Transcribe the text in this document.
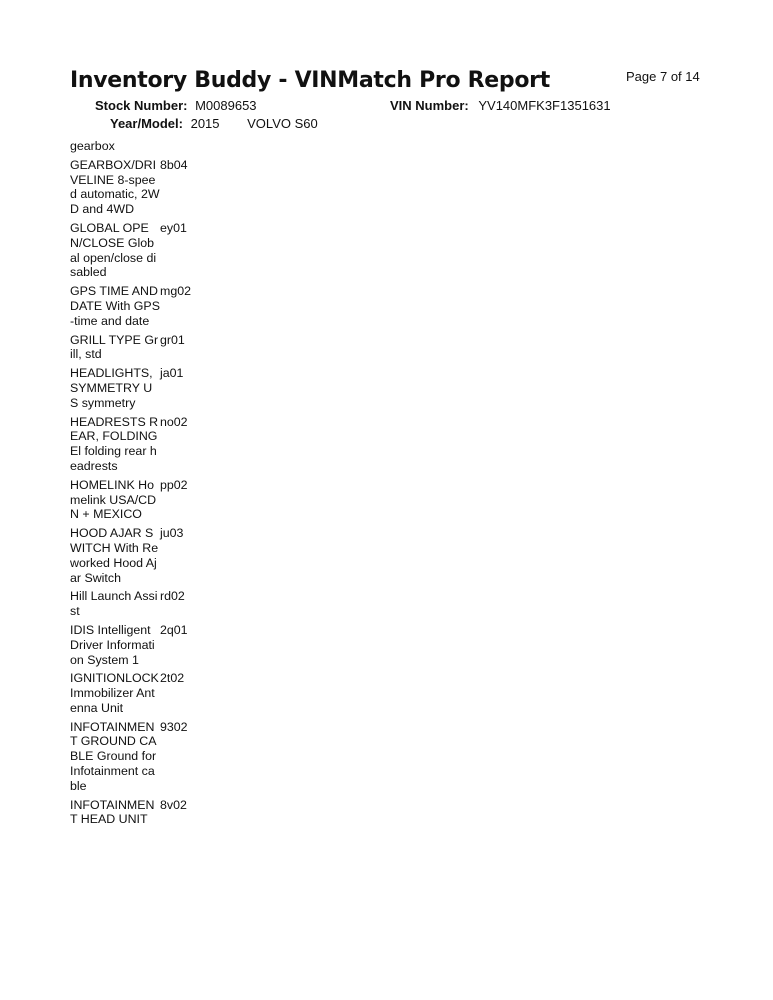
Inventory Buddy - VINMatch Pro Report	Page 7 of 14
Stock Number: M0089653	VIN Number: YV140MFK3F1351631
Year/Model: 2015 VOLVO S60
gearbox
GEARBOX/DRIVELINE 8-speed automatic, 2WD and 4WD
8b04
GLOBAL OPEN/CLOSE Global open/close disabled
ey01
GPS TIME AND DATE With GPS-time and date
mg02
GRILL TYPE Grill, std
gr01
HEADLIGHTS, SYMMETRY US symmetry
ja01
HEADRESTS REAR, FOLDING El folding rear headrests
no02
HOMELINK Homelink USA/CDN + MEXICO
pp02
HOOD AJAR SWITCH With Reworked Hood Ajar Switch
ju03
Hill Launch Assist
rd02
IDIS Intelligent Driver Information System 1
2q01
IGNITIONLOCK Immobilizer Antenna Unit
2t02
INFOTAINMENT GROUND CABLE Ground for Infotainment cable
9302
INFOTAINMENT HEAD UNIT
8v02
